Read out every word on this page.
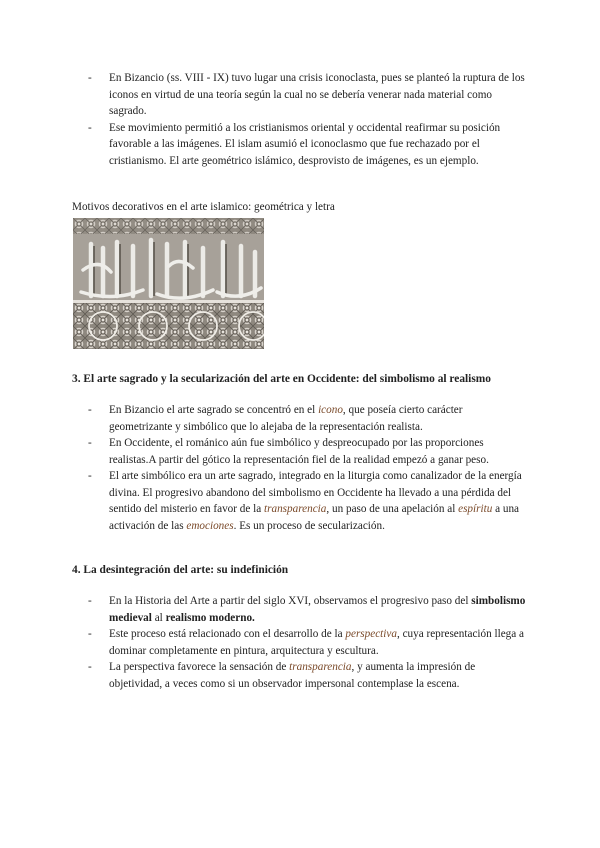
- En Bizancio (ss. VIII - IX) tuvo lugar una crisis iconoclasta, pues se planteó la ruptura de los iconos en virtud de una teoría según la cual no se debería venerar nada material como sagrado.
- Ese movimiento permitió a los cristianismos oriental y occidental reafirmar su posición favorable a las imágenes. El islam asumió el iconoclasmo que fue rechazado por el cristianismo. El arte geométrico islámico, desprovisto de imágenes, es un ejemplo.
Motivos decorativos en el arte islamico: geométrica y letra
3. El arte sagrado y la secularización del arte en Occidente: del simbolismo al realismo
- En Bizancio el arte sagrado se concentró en el icono, que poseía cierto carácter geometrizante y simbólico que lo alejaba de la representación realista.
- En Occidente, el románico aún fue simbólico y despreocupado por las proporciones realistas.A partir del gótico la representación fiel de la realidad empezó a ganar peso.
- El arte simbólico era un arte sagrado, integrado en la liturgia como canalizador de la energía divina. El progresivo abandono del simbolismo en Occidente ha llevado a una pérdida del sentido del misterio en favor de la transparencia, un paso de una apelación al espíritu a una activación de las emociones. Es un proceso de secularización.
4. La desintegración del arte: su indefinición
- En la Historia del Arte a partir del siglo XVI, observamos el progresivo paso del simbolismo medieval al realismo moderno.
- Este proceso está relacionado con el desarrollo de la perspectiva, cuya representación llega a dominar completamente en pintura, arquitectura y escultura.
- La perspectiva favorece la sensación de transparencia, y aumenta la impresión de objetividad, a veces como si un observador impersonal contemplase la escena.
